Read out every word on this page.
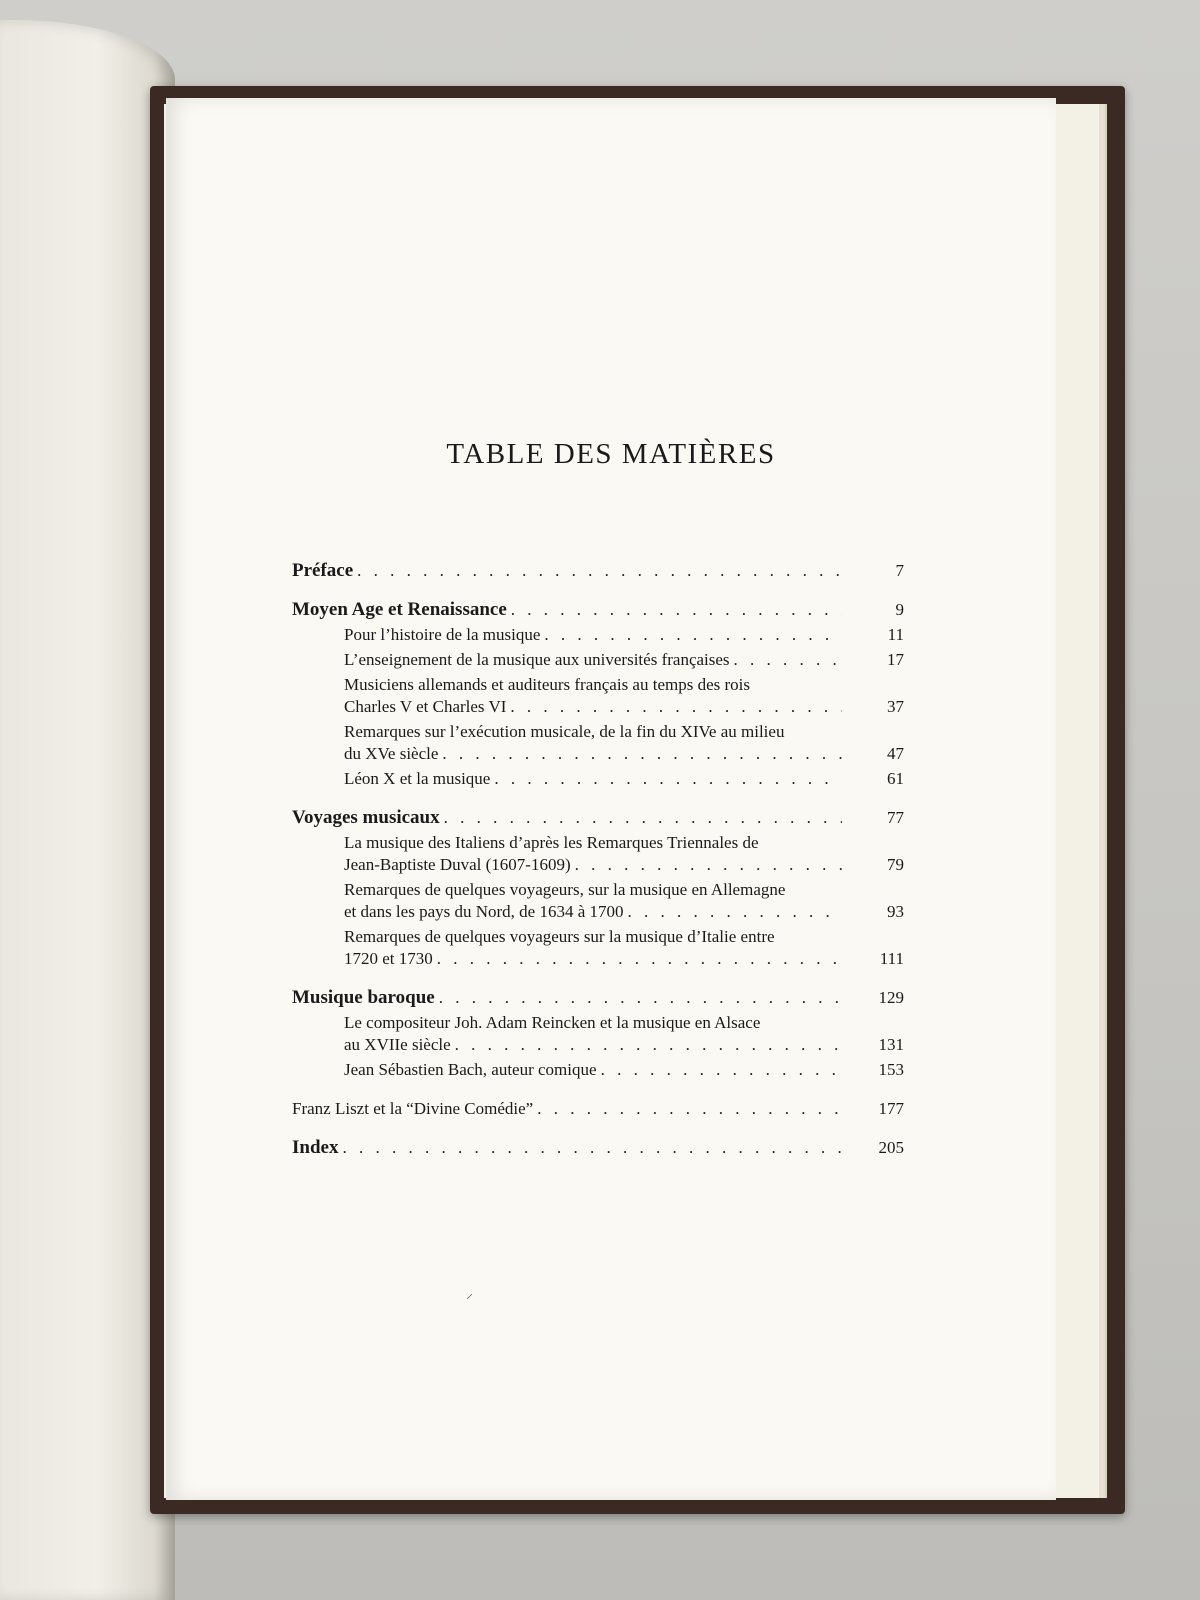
TABLE DES MATIÈRES
Préface . . .	7
Moyen Age et Renaissance . . .	9
Pour l’histoire de la musique . . .	11
L’enseignement de la musique aux universités françaises . . .	17
Musiciens allemands et auditeurs français au temps des rois
Charles V et Charles VI . . .	37
Remarques sur l’exécution musicale, de la fin du XIVe au milieu
du XVe siècle . . .	47
Léon X et la musique . . .	61
Voyages musicaux . . .	77
La musique des Italiens d’après les Remarques Triennales de
Jean-Baptiste Duval (1607-1609) . . .	79
Remarques de quelques voyageurs, sur la musique en Allemagne
et dans les pays du Nord, de 1634 à 1700 . . .	93
Remarques de quelques voyageurs sur la musique d’Italie entre
1720 et 1730 . . .	111
Musique baroque . . .	129
Le compositeur Joh. Adam Reincken et la musique en Alsace
au XVIIe siècle . . .	131
Jean Sébastien Bach, auteur comique . . .	153
Franz Liszt et la “Divine Comédie” . . .	177
Index . . .	205
⸝
